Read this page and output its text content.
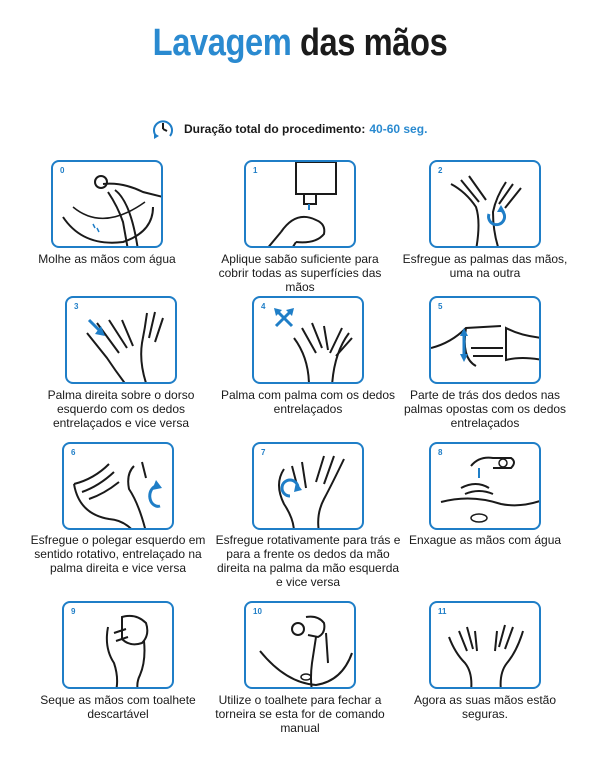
Lavagem das mãos
Duração total do procedimento: 40-60 seg.
0
Molhe as mãos com água
1
Aplique sabão suficiente para cobrir todas as superfícies das mãos
2
Esfregue as palmas das mãos, uma na outra
3
Palma direita sobre o dorso esquerdo com os dedos entrelaçados e vice versa
4
Palma com palma com os dedos entrelaçados
5
Parte de trás dos dedos nas palmas opostas com os dedos entrelaçados
6
Esfregue o polegar esquerdo em sentido rotativo, entrelaçado na palma direita e vice versa
7
Esfregue rotativamente para trás e para a frente os dedos da mão direita na palma da mão esquerda e vice versa
8
Enxague as mãos com água
9
Seque as mãos com toalhete descartável
10
Utilize o toalhete para fechar a torneira se esta for de comando manual
11
Agora as suas mãos estão seguras.
